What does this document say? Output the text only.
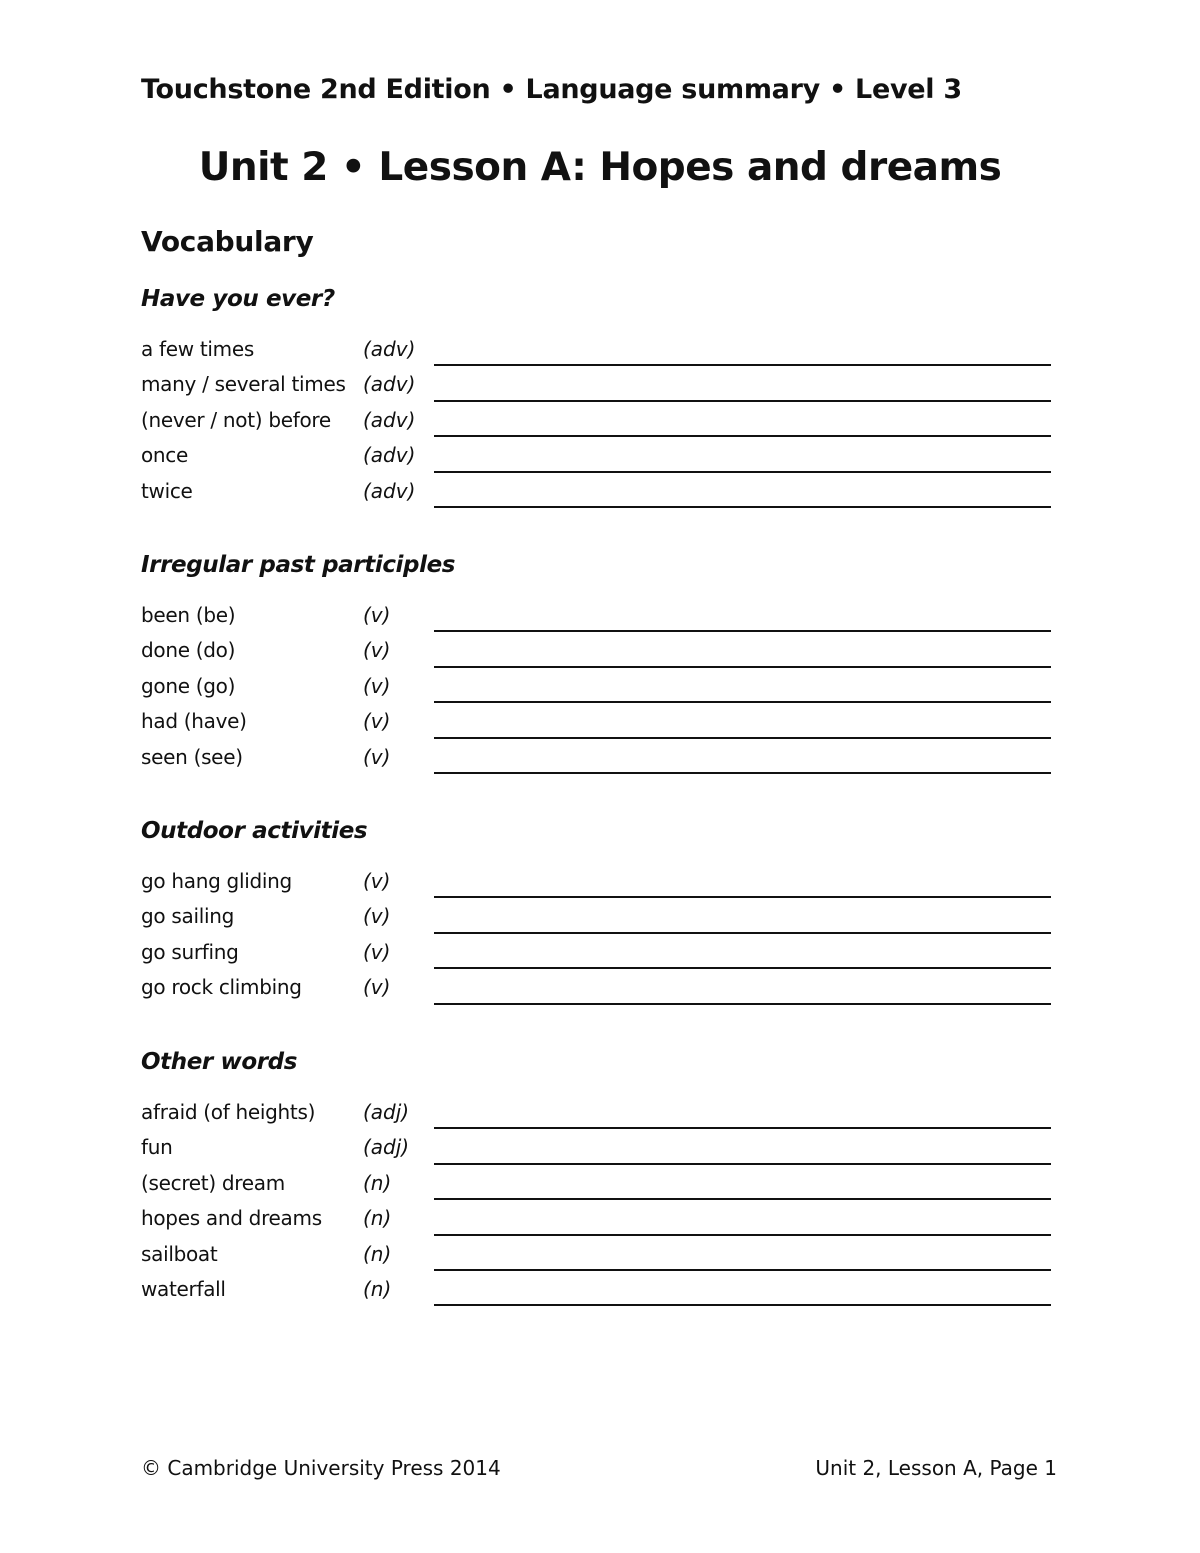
Touchstone 2nd Edition • Language summary • Level 3
Unit 2 • Lesson A: Hopes and dreams
Vocabulary
Have you ever?
a few times	(adv)
many / several times (adv)
(never / not) before (adv)
once	(adv)
twice	(adv)
Irregular past participles
been (be)	(v)
done (do)	(v)
gone (go)	(v)
had (have)	(v)
seen (see)	(v)
Outdoor activities
go hang gliding	(v)
go sailing	(v)
go surfing	(v)
go rock climbing	(v)
Other words
afraid (of heights) (adj)
fun	(adj)
(secret) dream	(n)
hopes and dreams (n)
sailboat	(n)
waterfall	(n)
© Cambridge University Press 2014	Unit 2, Lesson A, Page 1
